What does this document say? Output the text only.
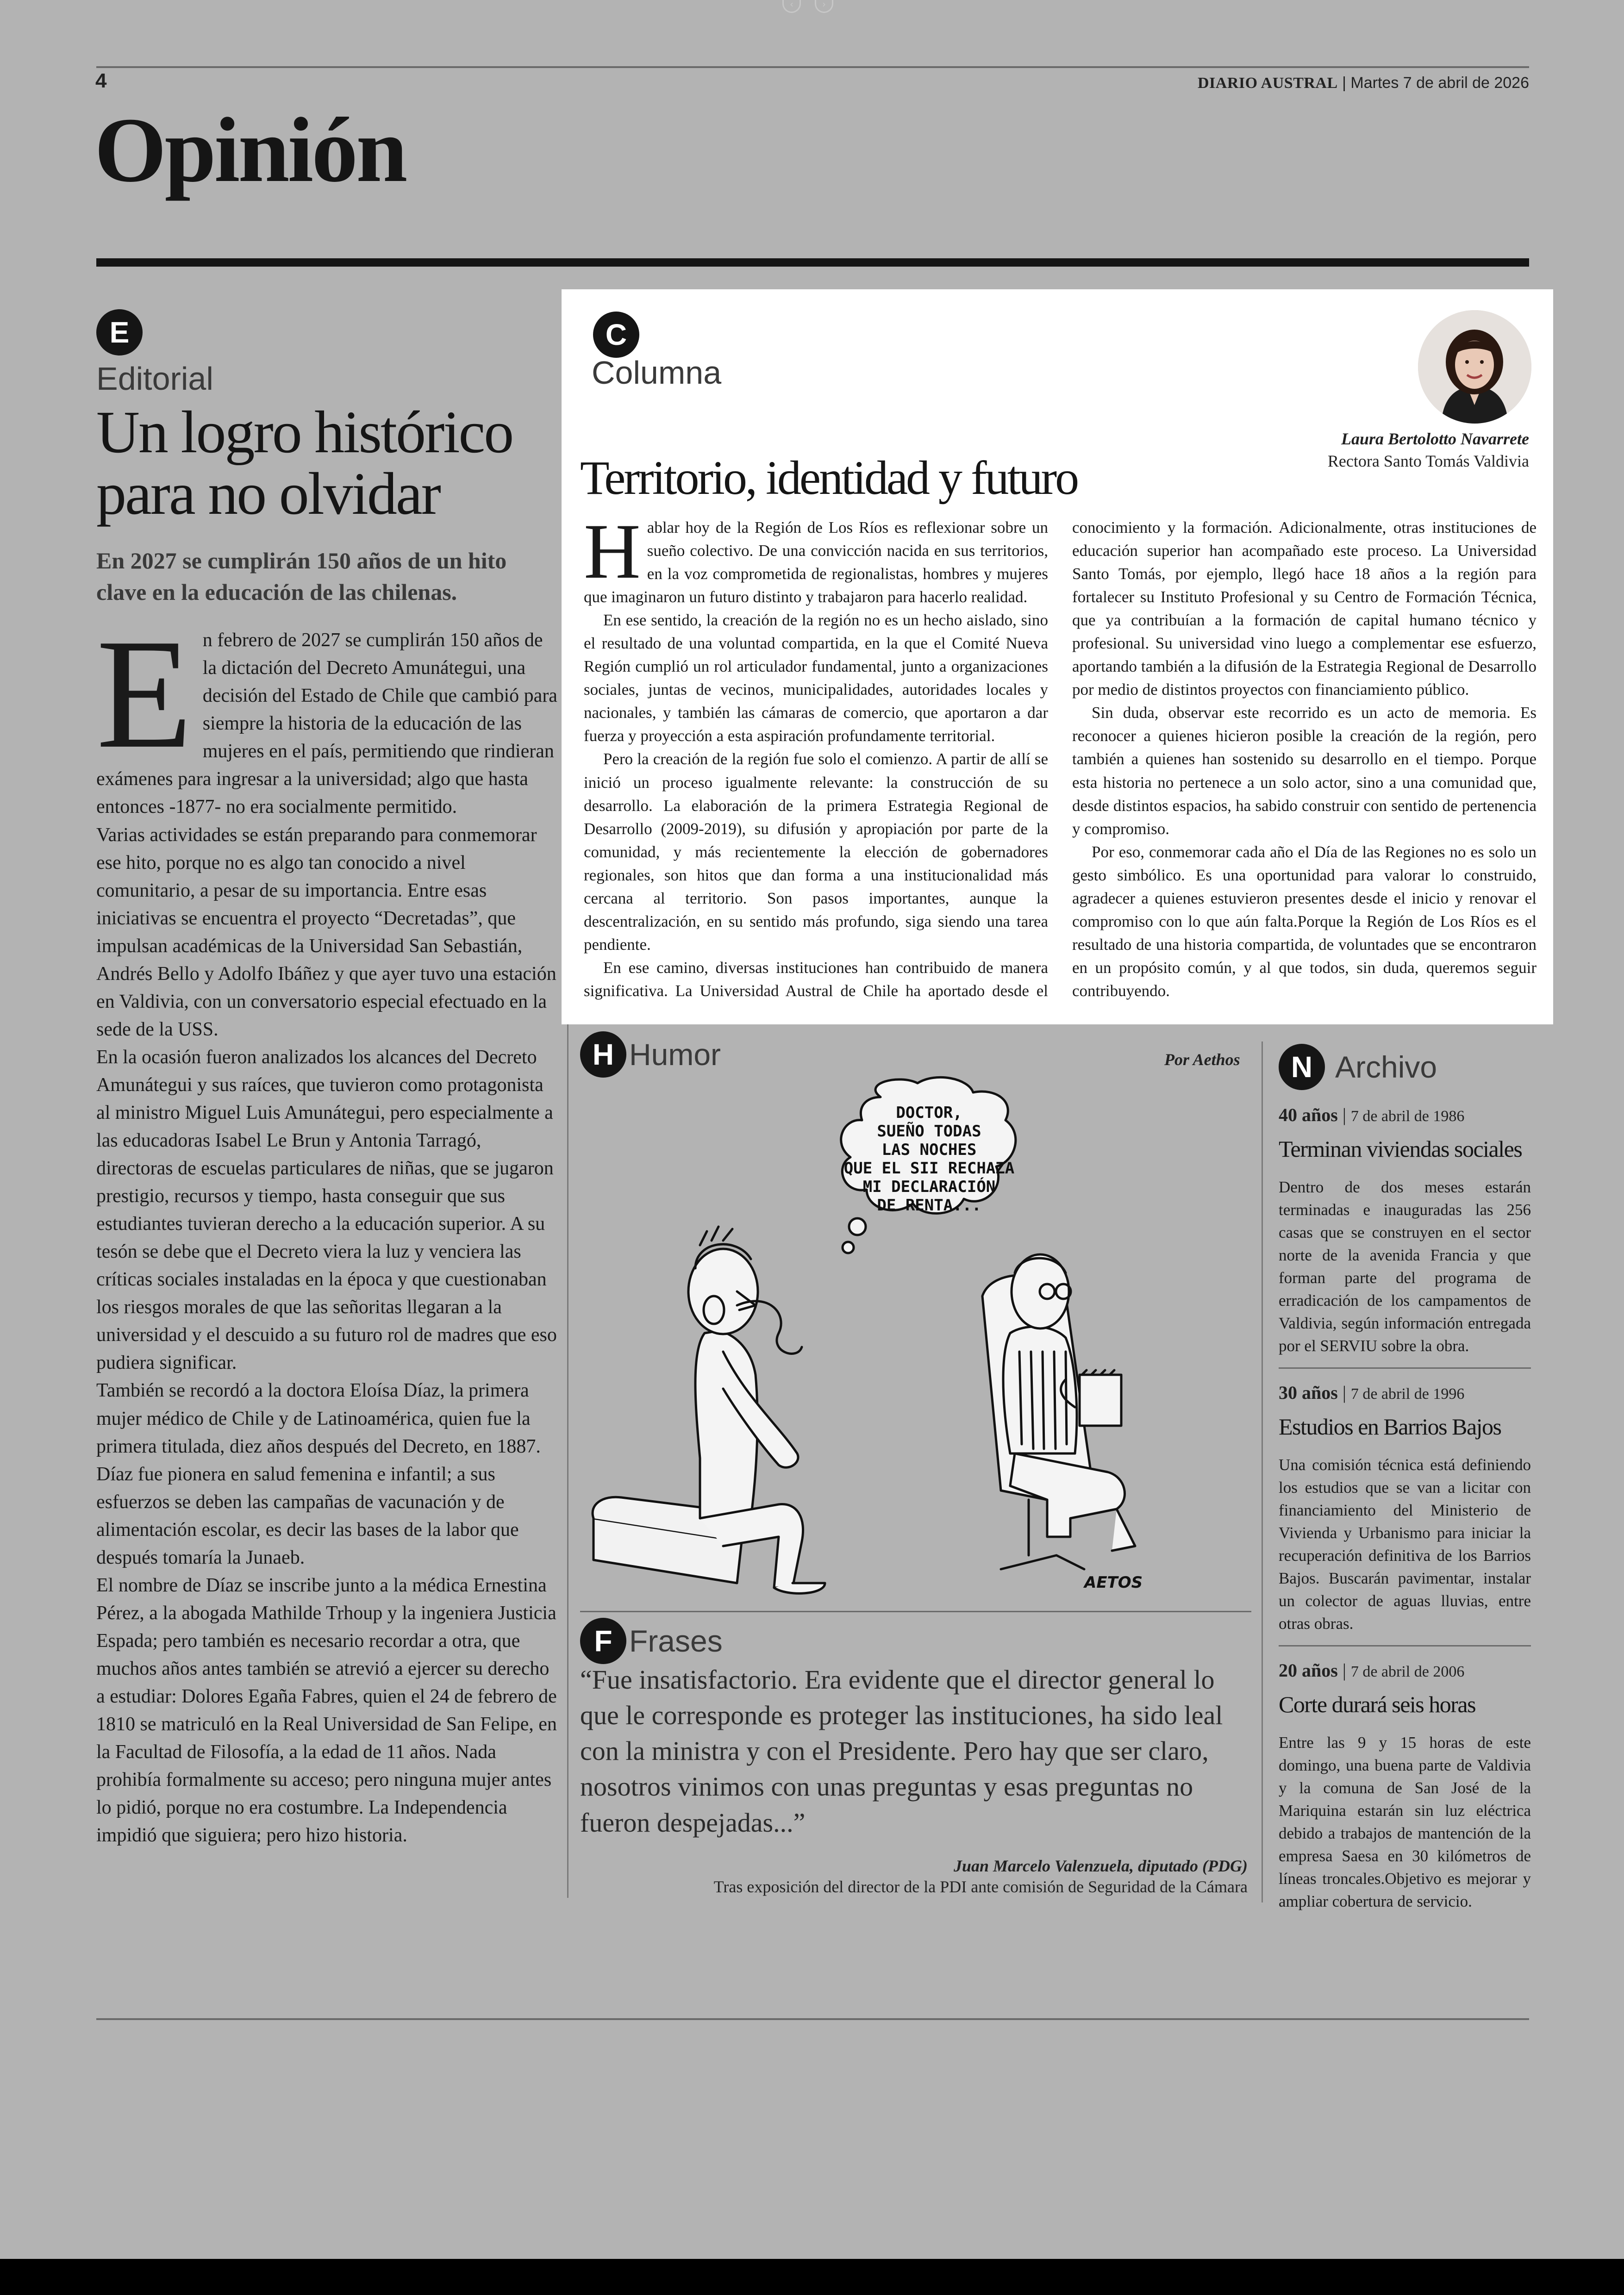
‹	›
4	DIARIO AUSTRAL | Martes 7 de abril de 2026
Opinión
E
Editorial
Un logro histórico para no olvidar
En 2027 se cumplirán 150 años de un hito clave en la educación de las chilenas.

En febrero de 2027 se cumplirán 150 años de la dictación del Decreto Amunátegui, una decisión del Estado de Chile que cambió para siempre la historia de la educación de las mujeres en el país, permitiendo que rindieran exámenes para ingresar a la universidad; algo que hasta entonces -1877- no era socialmente permitido.

Varias actividades se están preparando para conmemorar ese hito, porque no es algo tan conocido a nivel comunitario, a pesar de su importancia. Entre esas iniciativas se encuentra el proyecto “Decretadas”, que impulsan académicas de la Universidad San Sebastián, Andrés Bello y Adolfo Ibáñez y que ayer tuvo una estación en Valdivia, con un conversatorio especial efectuado en la sede de la USS.

En la ocasión fueron analizados los alcances del Decreto Amunátegui y sus raíces, que tuvieron como protagonista al ministro Miguel Luis Amunátegui, pero especialmente a las educadoras Isabel Le Brun y Antonia Tarragó, directoras de escuelas particulares de niñas, que se jugaron prestigio, recursos y tiempo, hasta conseguir que sus estudiantes tuvieran derecho a la educación superior. A su tesón se debe que el Decreto viera la luz y venciera las críticas sociales instaladas en la época y que cuestionaban los riesgos morales de que las señoritas llegaran a la universidad y el descuido a su futuro rol de madres que eso pudiera significar.

También se recordó a la doctora Eloísa Díaz, la primera mujer médico de Chile y de Latinoamérica, quien fue la primera titulada, diez años después del Decreto, en 1887. Díaz fue pionera en salud femenina e infantil; a sus esfuerzos se deben las campañas de vacunación y de alimentación escolar, es decir las bases de la labor que después tomaría la Junaeb.

El nombre de Díaz se inscribe junto a la médica Ernestina Pérez, a la abogada Mathilde Trhoup y la ingeniera Justicia Espada; pero también es necesario recordar a otra, que muchos años antes también se atrevió a ejercer su derecho a estudiar: Dolores Egaña Fabres, quien el 24 de febrero de 1810 se matriculó en la Real Universidad de San Felipe, en la Facultad de Filosofía, a la edad de 11 años. Nada prohibía formalmente su acceso; pero ninguna mujer antes lo pidió, porque no era costumbre. La Independencia impidió que siguiera; pero hizo historia.

C
Columna
Laura Bertolotto Navarrete
Rectora Santo Tomás Valdivia
Territorio, identidad y futuro

Hablar hoy de la Región de Los Ríos es reflexionar sobre un sueño colectivo. De una convicción nacida en sus territorios, en la voz comprometida de regionalistas, hombres y mujeres que imaginaron un futuro distinto y trabajaron para hacerlo realidad.

En ese sentido, la creación de la región no es un hecho aislado, sino el resultado de una voluntad compartida, en la que el Comité Nueva Región cumplió un rol articulador fundamental, junto a organizaciones sociales, juntas de vecinos, municipalidades, autoridades locales y nacionales, y también las cámaras de comercio, que aportaron a dar fuerza y proyección a esta aspiración profundamente territorial.

Pero la creación de la región fue solo el comienzo. A partir de allí se inició un proceso igualmente relevante: la construcción de su desarrollo. La elaboración de la primera Estrategia Regional de Desarrollo (2009-2019), su difusión y apropiación por parte de la comunidad, y más recientemente la elección de gobernadores regionales, son hitos que dan forma a una institucionalidad más cercana al territorio. Son pasos importantes, aunque la descentralización, en su sentido más profundo, siga siendo una tarea pendiente.

En ese camino, diversas instituciones han contribuido de manera significativa. La Universidad Austral de Chile ha aportado desde el conocimiento y la formación. Adicionalmente, otras instituciones de educación superior han acompañado este proceso. La Universidad Santo Tomás, por ejemplo, llegó hace 18 años a la región para fortalecer su Instituto Profesional y su Centro de Formación Técnica, que ya contribuían a la formación de capital humano técnico y profesional. Su universidad vino luego a complementar ese esfuerzo, aportando también a la difusión de la Estrategia Regional de Desarrollo por medio de distintos proyectos con financiamiento público.

Sin duda, observar este recorrido es un acto de memoria. Es reconocer a quienes hicieron posible la creación de la región, pero también a quienes han sostenido su desarrollo en el tiempo. Porque esta historia no pertenece a un solo actor, sino a una comunidad que, desde distintos espacios, ha sabido construir con sentido de pertenencia y compromiso.

Por eso, conmemorar cada año el Día de las Regiones no es solo un gesto simbólico. Es una oportunidad para valorar lo construido, agradecer a quienes estuvieron presentes desde el inicio y renovar el compromiso con lo que aún falta.Porque la Región de Los Ríos es el resultado de una historia compartida, de voluntades que se encontraron en un propósito común, y al que todos, sin duda, queremos seguir contribuyendo.

H Humor	Por Aethos
DOCTOR,
SUEÑO TODAS
LAS NOCHES
QUE EL SII RECHAZA
MI DECLARACIÓN
DE RENTA...
AETOS
F Frases
“Fue insatisfactorio. Era evidente que el director general lo que le corresponde es proteger las instituciones, ha sido leal con la ministra y con el Presidente. Pero hay que ser claro, nosotros vinimos con unas preguntas y esas preguntas no fueron despejadas...”
Juan Marcelo Valenzuela, diputado (PDG)
Tras exposición del director de la PDI ante comisión de Seguridad de la Cámara
N Archivo
40 años | 7 de abril de 1986
Terminan viviendas sociales
Dentro de dos meses estarán terminadas e inauguradas las 256 casas que se construyen en el sector norte de la avenida Francia y que forman parte del programa de erradicación de los campamentos de Valdivia, según información entregada por el SERVIU sobre la obra.
30 años | 7 de abril de 1996
Estudios en Barrios Bajos
Una comisión técnica está definiendo los estudios que se van a licitar con financiamiento del Ministerio de Vivienda y Urbanismo para iniciar la recuperación definitiva de los Barrios Bajos. Buscarán pavimentar, instalar un colector de aguas lluvias, entre otras obras.
20 años | 7 de abril de 2006
Corte durará seis horas
Entre las 9 y 15 horas de este domingo, una buena parte de Valdivia y la comuna de San José de la Mariquina estarán sin luz eléctrica debido a trabajos de mantención de la empresa Saesa en 30 kilómetros de líneas troncales.Objetivo es mejorar y ampliar cobertura de servicio.
